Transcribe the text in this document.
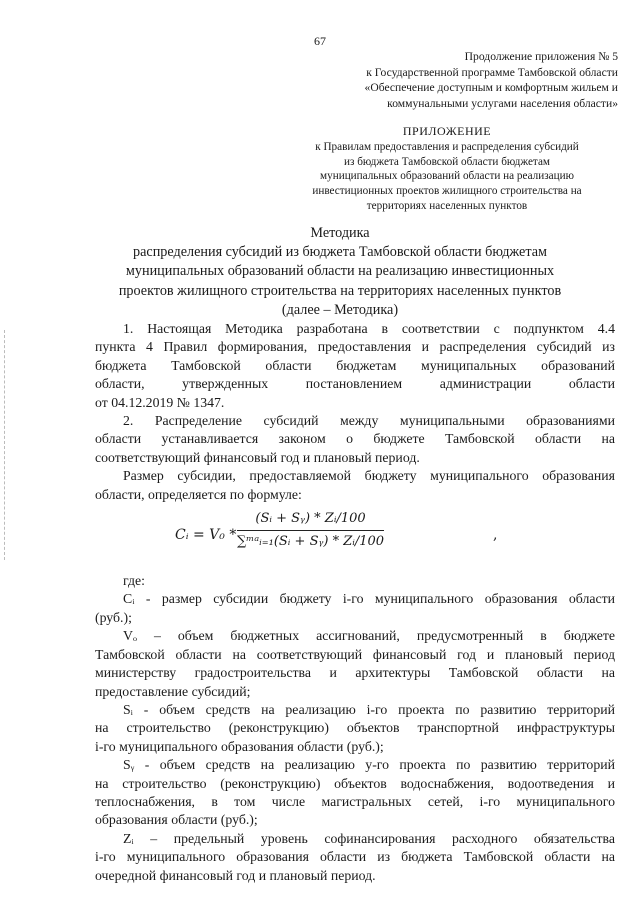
67
Продолжение приложения № 5
к Государственной программе Тамбовской области
«Обеспечение доступным и комфортным жильем и
коммунальными услугами населения области»
ПРИЛОЖЕНИЕ
к Правилам предоставления и распределения субсидий
из бюджета Тамбовской области бюджетам
муниципальных образований области на реализацию
инвестиционных проектов жилищного строительства на
территориях населенных пунктов
Методика
распределения субсидий из бюджета Тамбовской области бюджетам
муниципальных образований области на реализацию инвестиционных
проектов жилищного строительства на территориях населенных пунктов
(далее – Методика)
1. Настоящая Методика разработана в соответствии с подпунктом 4.4
пункта 4 Правил формирования, предоставления и распределения субсидий из
бюджета Тамбовской области бюджетам муниципальных образований
области, утвержденных постановлением администрации области
от 04.12.2019 № 1347.
2. Распределение субсидий между муниципальными образованиями
области устанавливается законом о бюджете Тамбовской области на
соответствующий финансовый год и плановый период.
Размер субсидии, предоставляемой бюджету муниципального образования
области, определяется по формуле:
Cᵢ = V₀ *
(Sᵢ + Sᵧ) * Zᵢ/100
∑ᵐᵃᵢ₌₁(Sᵢ + Sᵧ) * Zᵢ/100	,
где:
Cᵢ - размер субсидии бюджету i-го муниципального образования области
(руб.);
Vₒ – объем бюджетных ассигнований, предусмотренный в бюджете
Тамбовской области на соответствующий финансовый год и плановый период
министерству градостроительства и архитектуры Тамбовской области на
предоставление субсидий;
Sᵢ - объем средств на реализацию i-го проекта по развитию территорий
на строительство (реконструкцию) объектов транспортной инфраструктуры
i-го муниципального образования области (руб.);
Sᵧ - объем средств на реализацию y-го проекта по развитию территорий
на строительство (реконструкцию) объектов водоснабжения, водоотведения и
теплоснабжения, в том числе магистральных сетей, i-го муниципального
образования области (руб.);
Zᵢ – предельный уровень софинансирования расходного обязательства
i-го муниципального образования области из бюджета Тамбовской области на
очередной финансовый год и плановый период.
